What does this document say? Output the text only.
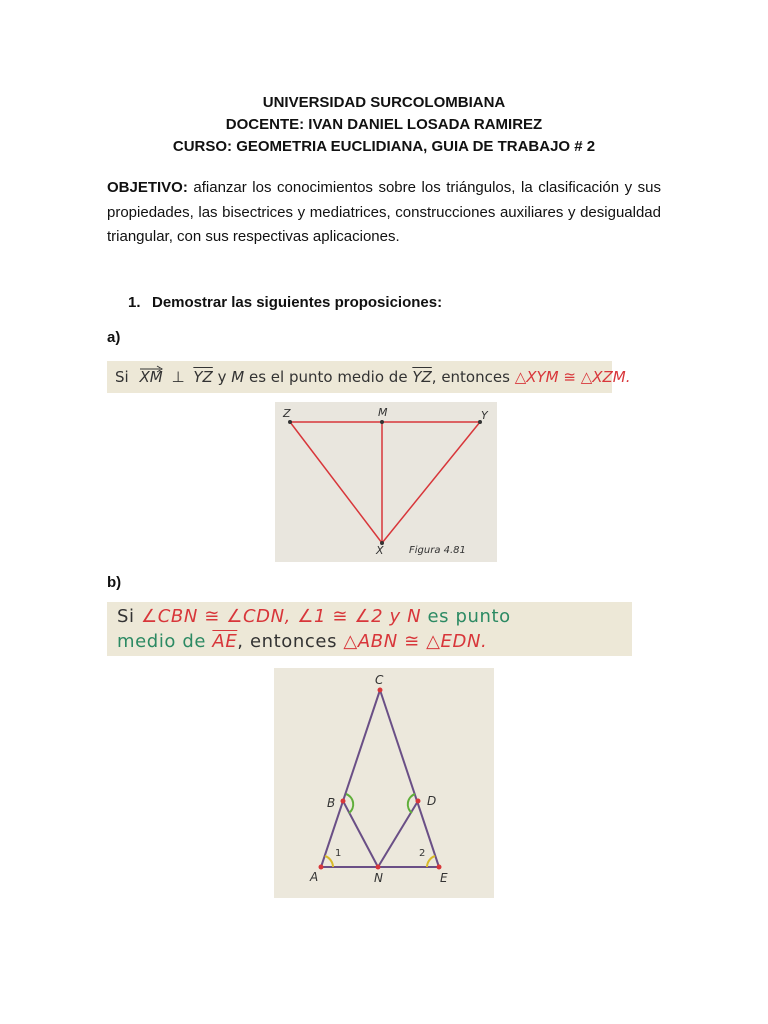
UNIVERSIDAD SURCOLOMBIANA
DOCENTE: IVAN DANIEL LOSADA RAMIREZ
CURSO: GEOMETRIA EUCLIDIANA, GUIA DE TRABAJO # 2
OBJETIVO: afianzar los conocimientos sobre los triángulos, la clasificación y sus propiedades, las bisectrices y mediatrices, construcciones auxiliares y desigualdad triangular, con sus respectivas aplicaciones.
1. Demostrar las siguientes proposiciones:
a)
Si XM ⊥ $\overline{YZ}$ y M es el punto medio de $\overline{YZ}$, entonces △XYM ≅ △XZM.
Z	M	Y
X	Figura 4.81
b)
Si ∠CBN ≅ ∠CDN, ∠1 ≅ ∠2 y N es punto
medio de $\overline{AE}$, entonces △ABN ≅ △EDN.
C
B	D
A	N	E
1	2
